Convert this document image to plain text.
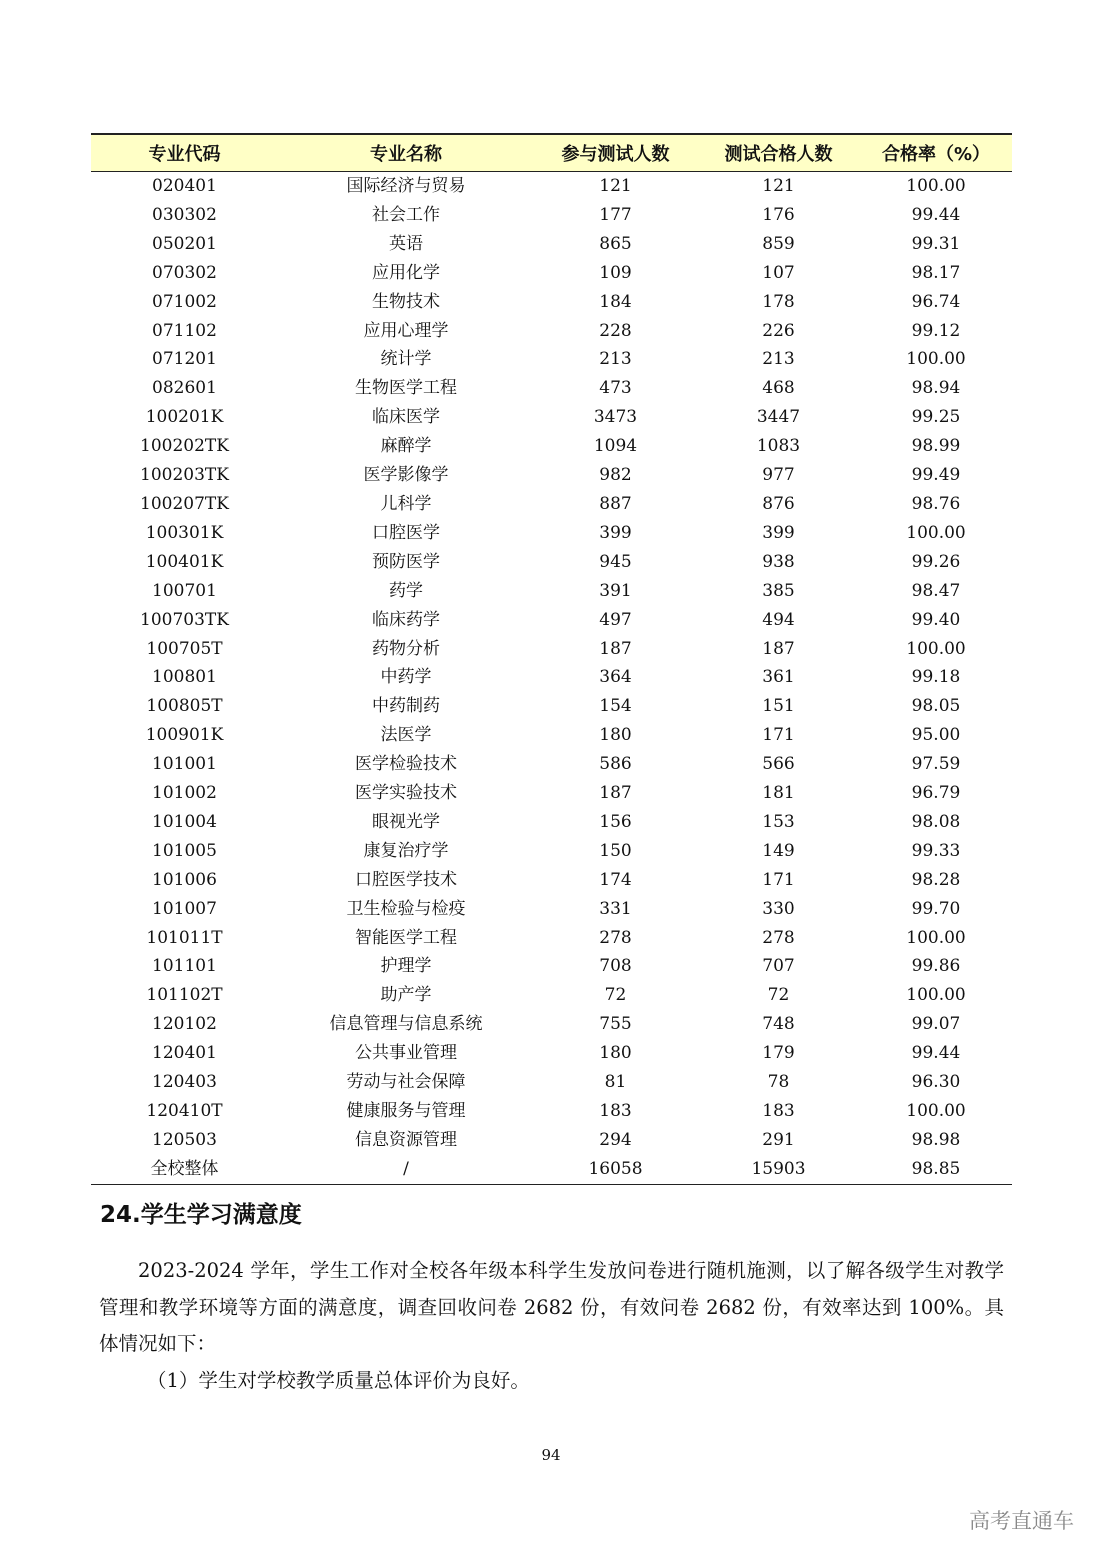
专业代码	专业名称	参与测试人数	测试合格人数	合格率（%）
020401	国际经济与贸易	121	121	100.00
030302	社会工作	177	176	99.44
050201	英语	865	859	99.31
070302	应用化学	109	107	98.17
071002	生物技术	184	178	96.74
071102	应用心理学	228	226	99.12
071201	统计学	213	213	100.00
082601	生物医学工程	473	468	98.94
100201K	临床医学	3473	3447	99.25
100202TK	麻醉学	1094	1083	98.99
100203TK	医学影像学	982	977	99.49
100207TK	儿科学	887	876	98.76
100301K	口腔医学	399	399	100.00
100401K	预防医学	945	938	99.26
100701	药学	391	385	98.47
100703TK	临床药学	497	494	99.40
100705T	药物分析	187	187	100.00
100801	中药学	364	361	99.18
100805T	中药制药	154	151	98.05
100901K	法医学	180	171	95.00
101001	医学检验技术	586	566	97.59
101002	医学实验技术	187	181	96.79
101004	眼视光学	156	153	98.08
101005	康复治疗学	150	149	99.33
101006	口腔医学技术	174	171	98.28
101007	卫生检验与检疫	331	330	99.70
101011T	智能医学工程	278	278	100.00
101101	护理学	708	707	99.86
101102T	助产学	72	72	100.00
120102	信息管理与信息系统	755	748	99.07
120401	公共事业管理	180	179	99.44
120403	劳动与社会保障	81	78	96.30
120410T	健康服务与管理	183	183	100.00
120503	信息资源管理	294	291	98.98
全校整体	/	16058	15903	98.85
24.学生学习满意度

2023-2024 学年，学生工作对全校各年级本科学生发放问卷进行随机施测，以了解各级学生对教学管理和教学环境等方面的满意度，调查回收问卷 2682 份，有效问卷 2682 份，有效率达到 100%。具体情况如下：

（1）学生对学校教学质量总体评价为良好。

94
高考直通车
